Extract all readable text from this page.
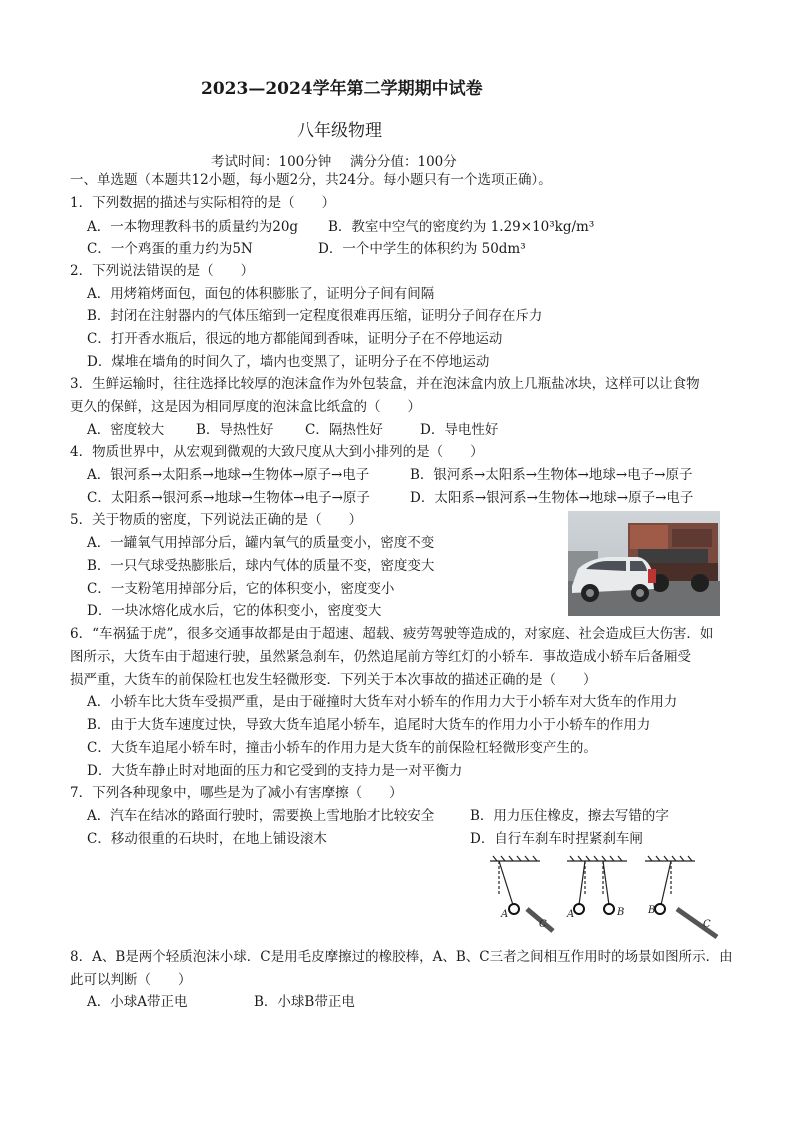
2023—2024学年第二学期期中试卷
八年级物理
考试时间：100分钟 满分分值：100分
一、单选题（本题共12小题，每小题2分，共24分。每小题只有一个选项正确）。
1．下列数据的描述与实际相符的是（　　）
A．一本物理教科书的质量约为20g B．教室中空气的密度约为 1.29×10³kg/m³
C．一个鸡蛋的重力约为5N	D．一个中学生的体积约为 50dm³
2．下列说法错误的是（　　）
A．用烤箱烤面包，面包的体积膨胀了，证明分子间有间隔
B．封闭在注射器内的气体压缩到一定程度很难再压缩，证明分子间存在斥力
C．打开香水瓶后，很远的地方都能闻到香味，证明分子在不停地运动
D．煤堆在墙角的时间久了，墙内也变黑了，证明分子在不停地运动
3．生鲜运输时，往往选择比较厚的泡沫盒作为外包装盒，并在泡沫盒内放上几瓶盐冰块，这样可以让食物
更久的保鲜，这是因为相同厚度的泡沫盒比纸盒的（　　）
A．密度较大 B．导热性好 C．隔热性好	D．导电性好
4．物质世界中，从宏观到微观的大致尺度从大到小排列的是（　　）
A．银河系→太阳系→地球→生物体→原子→电子	B．银河系→太阳系→生物体→地球→电子→原子
C．太阳系→银河系→地球→生物体→电子→原子	D．太阳系→银河系→生物体→地球→原子→电子
5．关于物质的密度，下列说法正确的是（　　）
A．一罐氧气用掉部分后，罐内氧气的质量变小，密度不变
B．一只气球受热膨胀后，球内气体的质量不变，密度变大
C．一支粉笔用掉部分后，它的体积变小，密度变小
D．一块冰熔化成水后，它的体积变小，密度变大
6．“车祸猛于虎”，很多交通事故都是由于超速、超载、疲劳驾驶等造成的，对家庭、社会造成巨大伤害．如
图所示，大货车由于超速行驶，虽然紧急刹车，仍然追尾前方等红灯的小轿车．事故造成小轿车后备厢受
损严重，大货车的前保险杠也发生轻微形变．下列关于本次事故的描述正确的是（　　）
A．小轿车比大货车受损严重，是由于碰撞时大货车对小轿车的作用力大于小轿车对大货车的作用力
B．由于大货车速度过快，导致大货车追尾小轿车，追尾时大货车的作用力小于小轿车的作用力
C．大货车追尾小轿车时，撞击小轿车的作用力是大货车的前保险杠轻微形变产生的。
D．大货车静止时对地面的压力和它受到的支持力是一对平衡力
7．下列各种现象中，哪些是为了减小有害摩擦（　　）
A．汽车在结冰的路面行驶时，需要换上雪地胎才比较安全	B．用力压住橡皮，擦去写错的字
C．移动很重的石块时，在地上铺设滚木	D．自行车刹车时捏紧刹车闸
A
C
A	B B
C
8．A、B是两个轻质泡沫小球．C是用毛皮摩擦过的橡胶棒，A、B、C三者之间相互作用时的场景如图所示．由
此可以判断（　　）
A．小球A带正电	B．小球B带正电
